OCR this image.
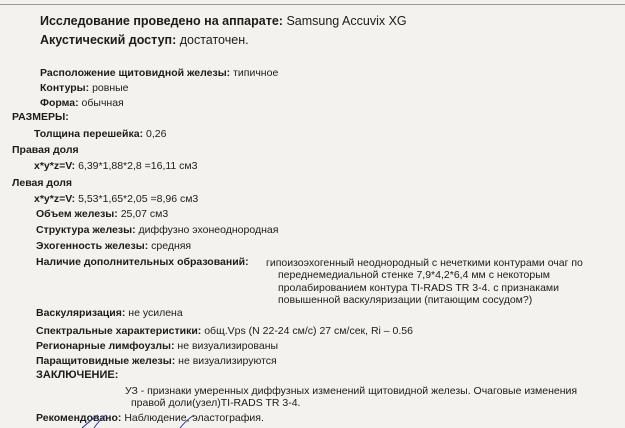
Исследование проведено на аппарате: Samsung Accuvix XG
Акустический доступ: достаточен.
Расположение щитовидной железы: типичное
Контуры: ровные
Форма: обычная
РАЗМЕРЫ:
Толщина перешейка: 0,26
Правая доля
x*y*z=V: 6,39*1,88*2,8 =16,11 см3
Левая доля
x*y*z=V: 5,53*1,65*2,05 =8,96 см3
Объем железы: 25,07 см3
Структура железы: диффузно эхонеоднородная
Эхогенность железы: средняя
Наличие дополнительных образований: гипоизоэхогенный неоднородный с нечеткими контурами очаг по
переднемедиальной стенке 7,9*4,2*6,4 мм с некоторым
пролабированием контура TI-RADS TR 3-4. с признаками
повышенной васкуляризации (питающим сосудом?)
Васкуляризация: не усилена
Спектральные характеристики: общ.Vps (N 22-24 см/с) 27 см/сек, Ri – 0.56
Регионарные лимфоузлы: не визуализированы
Паращитовидные железы: не визуализируются
ЗАКЛЮЧЕНИЕ:
УЗ - признаки умеренных диффузных изменений щитовидной железы. Очаговые изменения
правой доли(узел)TI-RADS TR 3-4.
Рекомендовано: Наблюдение, эластография.
